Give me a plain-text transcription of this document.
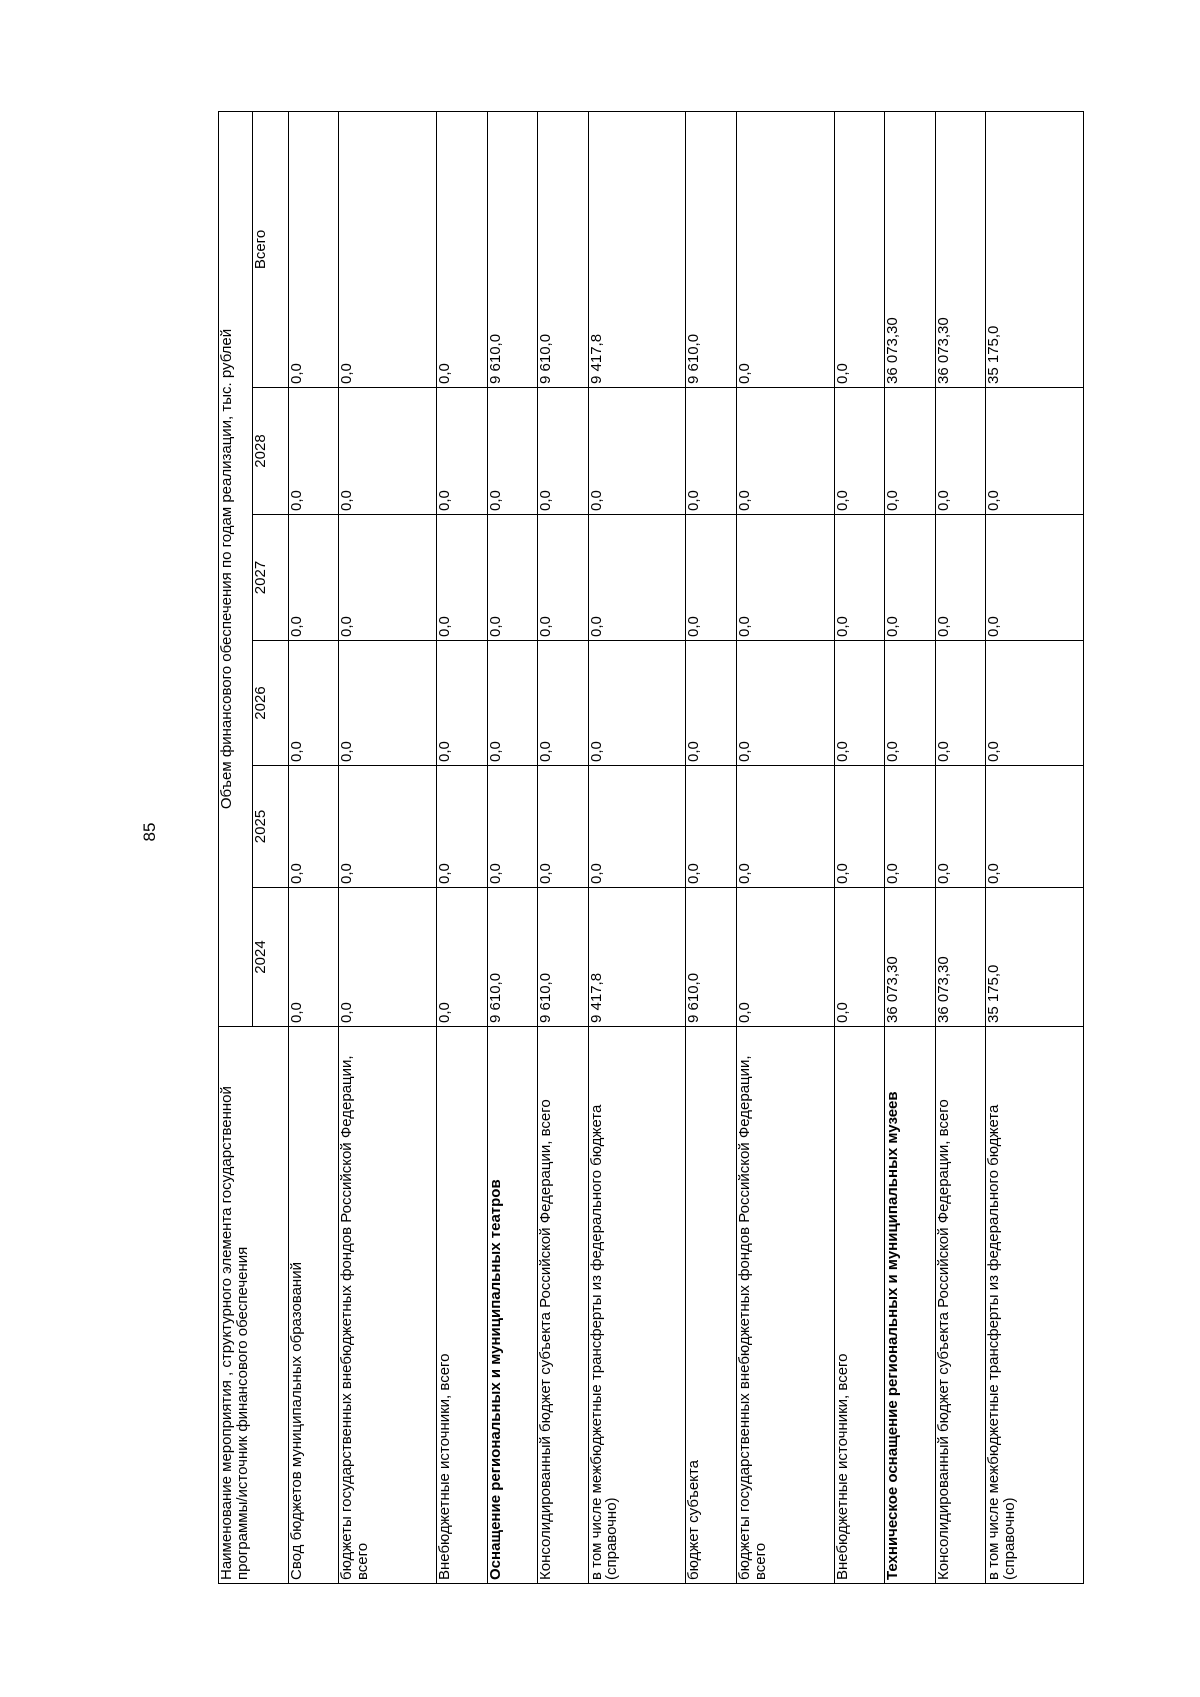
85
Наименование мероприятия , структурного элемента государственной программы/источник финансового обеспечения	Объем финансового обеспечения по годам реализации, тыс. рублей					
	2024	2025	2026	2027	2028	Всего
Свод бюджетов муниципальных образований	0,0	0,0	0,0	0,0	0,0	0,0
бюджеты государственных внебюджетных фондов Российской Федерации, всего	0,0	0,0	0,0	0,0	0,0	0,0
Внебюджетные источники, всего	0,0	0,0	0,0	0,0	0,0	0,0
Оснащение региональных и муниципальных театров	9 610,0	0,0	0,0	0,0	0,0	9 610,0
Консолидированный бюджет субъекта Российской Федерации, всего	9 610,0	0,0	0,0	0,0	0,0	9 610,0
в том числе межбюджетные трансферты из федерального бюджета (справочно)	9 417,8	0,0	0,0	0,0	0,0	9 417,8
бюджет субъекта	9 610,0	0,0	0,0	0,0	0,0	9 610,0
бюджеты государственных внебюджетных фондов Российской Федерации, всего	0,0	0,0	0,0	0,0	0,0	0,0
Внебюджетные источники, всего	0,0	0,0	0,0	0,0	0,0	0,0
Техническое оснащение региональных и муниципальных музеев	36 073,30	0,0	0,0	0,0	0,0	36 073,30
Консолидированный бюджет субъекта Российской Федерации, всего	36 073,30	0,0	0,0	0,0	0,0	36 073,30
в том числе межбюджетные трансферты из федерального бюджета (справочно)	35 175,0	0,0	0,0	0,0	0,0	35 175,0
